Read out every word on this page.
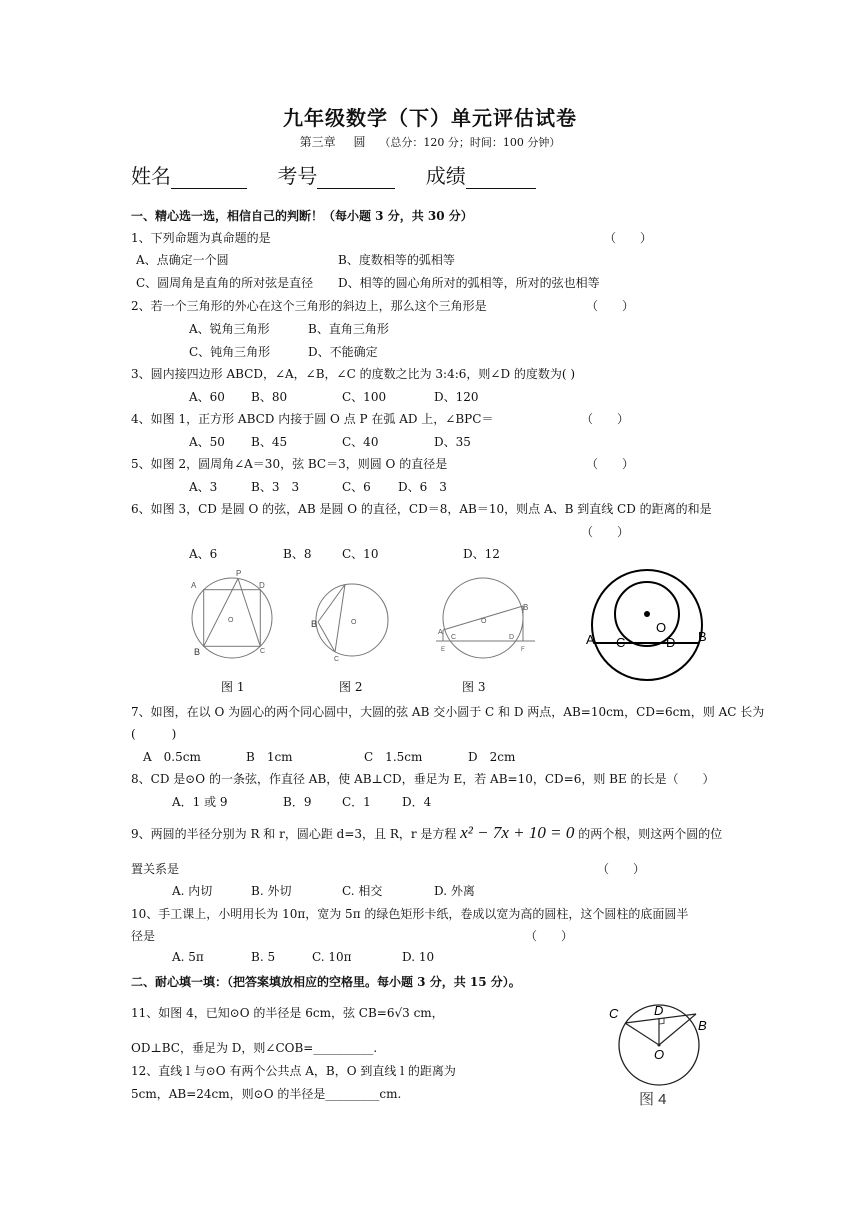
九年级数学（下）单元评估试卷
第三章 圆 （总分：120 分；时间：100 分钟）
姓名	考号	成绩
一、精心选一选，相信自己的判断！（每小题 3 分，共 30 分）
1、下列命题为真命题的是	（　　）
A、点确定一个圆	B、度数相等的弧相等
C、圆周角是直角的所对弦是直径 D、相等的圆心角所对的弧相等，所对的弦也相等
2、若一个三角形的外心在这个三角形的斜边上，那么这个三角形是	（　　）
A、锐角三角形	B、直角三角形
C、钝角三角形	D、不能确定
3、圆内接四边形 ABCD，∠A，∠B，∠C 的度数之比为 3:4:6，则∠D 的度数为( )
A、60 B、80	C、100	D、120
4、如图 1，正方形 ABCD 内接于圆 O 点 P 在弧 AD 上，∠BPC＝	（　　）
A、50 B、45	C、40	D、35
5、如图 2，圆周角∠A＝30，弦 BC＝3，则圆 O 的直径是	（　　）
A、3	B、3　3	C、6 D、6　3
6、如图 3，CD 是圆 O 的弦，AB 是圆 O 的直径，CD＝8，AB＝10，则点 A、B 到直线 CD 的距离的和是
（　　）
A、6	B、8	C、10	D、12
A
P
D
B	C
O
图 1
B
C
O
图 2
A
B
C	D
E	F
O
图 3
A	B
C	D
O
7、如图，在以 O 为圆心的两个同心圆中，大圆的弦 AB 交小圆于 C 和 D 两点，AB=10cm，CD=6cm，则 AC 长为
(　　　)
A　0.5cm	B　1cm	C　1.5cm	D　2cm
8、CD 是⊙O 的一条弦，作直径 AB，使 AB⊥CD，垂足为 E，若 AB=10，CD=6，则 BE 的长是（　　）
A．1 或 9	B．9	C．1	D．4
9、两圆的半径分别为 R 和 r，圆心距 d=3，且 R，r 是方程 x² − 7x + 10 = 0 的两个根，则这两个圆的位
置关系是	（　　）
A. 内切	B. 外切	C. 相交	D. 外离
10、手工课上，小明用长为 10π，宽为 5π 的绿色矩形卡纸，卷成以宽为高的圆柱，这个圆柱的底面圆半
径是	（　　）
A. 5π	B. 5	C. 10π	D. 10
二、耐心填一填：（把答案填放相应的空格里。每小题 3 分，共 15 分）。
11、如图 4，已知⊙O 的半径是 6cm，弦 CB=6√3 cm，
OD⊥BC，垂足为 D，则∠COB=__________.
C	D
B
O
图 4
12、直线 l 与⊙O 有两个公共点 A，B，O 到直线 l 的距离为
5cm，AB=24cm，则⊙O 的半径是_________cm.
